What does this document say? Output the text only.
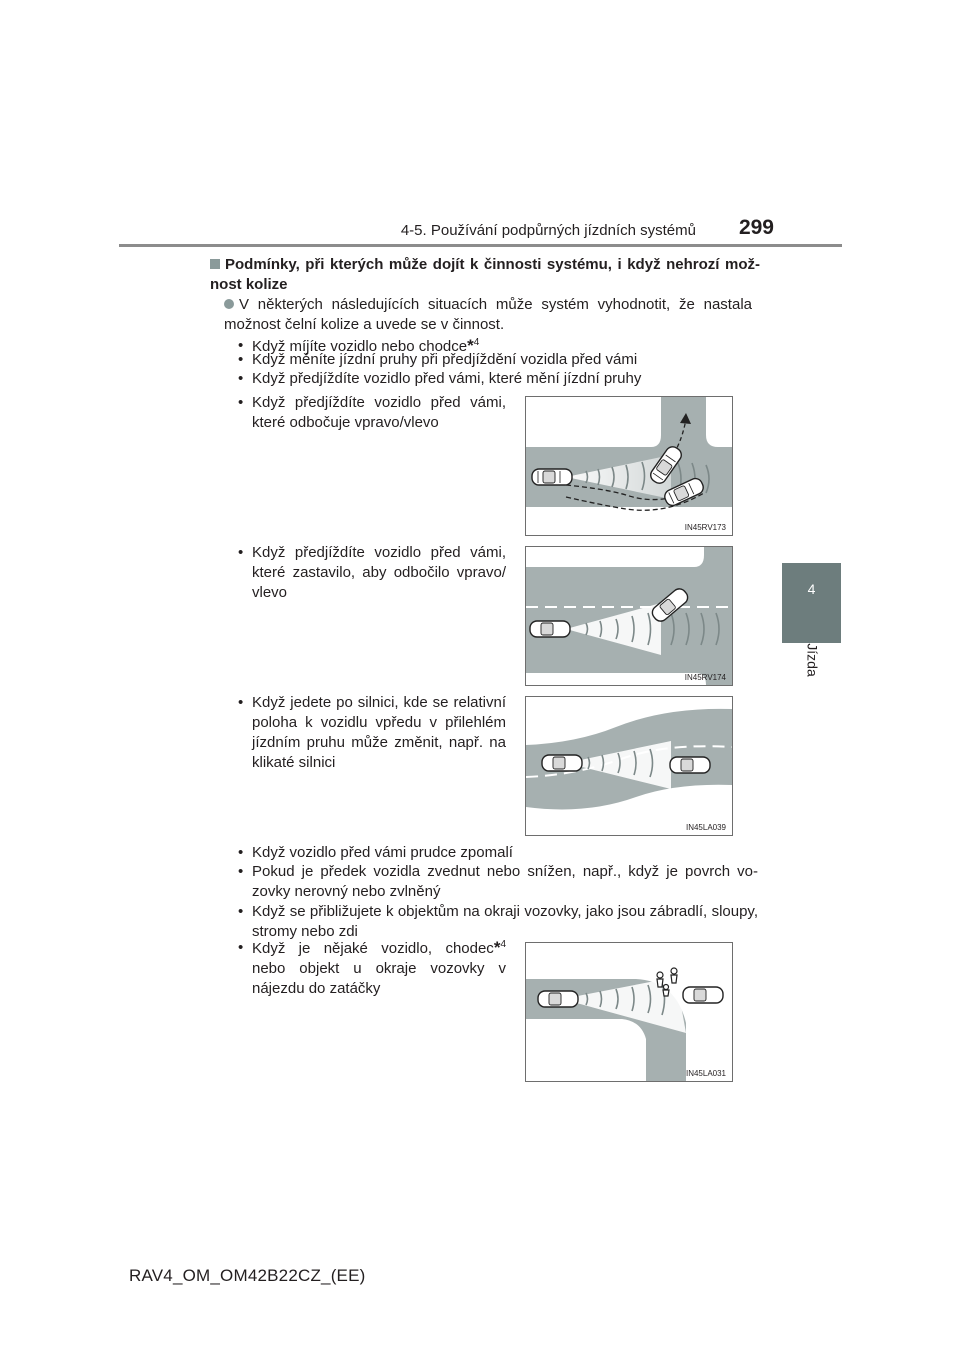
4-5. Používání podpůrných jízdních systémů	299
4
Jízda
Podmínky, při kterých může dojít k činnosti systému, i když nehrozí mož-nost kolize
V některých následujících situacích může systém vyhodnotit, že nastala možnost čelní kolize a uvede se v činnost.
• Když míjíte vozidlo nebo chodce*$^4$
• Když měníte jízdní pruhy při předjíždění vozidla před vámi
• Když předjíždíte vozidlo před vámi, které mění jízdní pruhy
• Když předjíždíte vozidlo před vámi, které odbočuje vpravo/vlevo
• Když předjíždíte vozidlo před vámi, které zastavilo, aby odbočilo vpravo/ vlevo
• Když jedete po silnici, kde se relativní poloha k vozidlu vpředu v přilehlém jízdním pruhu může změnit, např. na klikaté silnici
• Když vozidlo před vámi prudce zpomalí
• Pokud je předek vozidla zvednut nebo snížen, např., když je povrch vo-zovky nerovný nebo zvlněný
• Když se přibližujete k objektům na okraji vozovky, jako jsou zábradlí, sloupy, stromy nebo zdi
• Když je nějaké vozidlo, chodec*$^4$ nebo objekt u okraje vozovky v nájezdu do zatáčky
IN45RV173
IN45RV174
IN45LA039
IN45LA031
RAV4_OM_OM42B22CZ_(EE)
